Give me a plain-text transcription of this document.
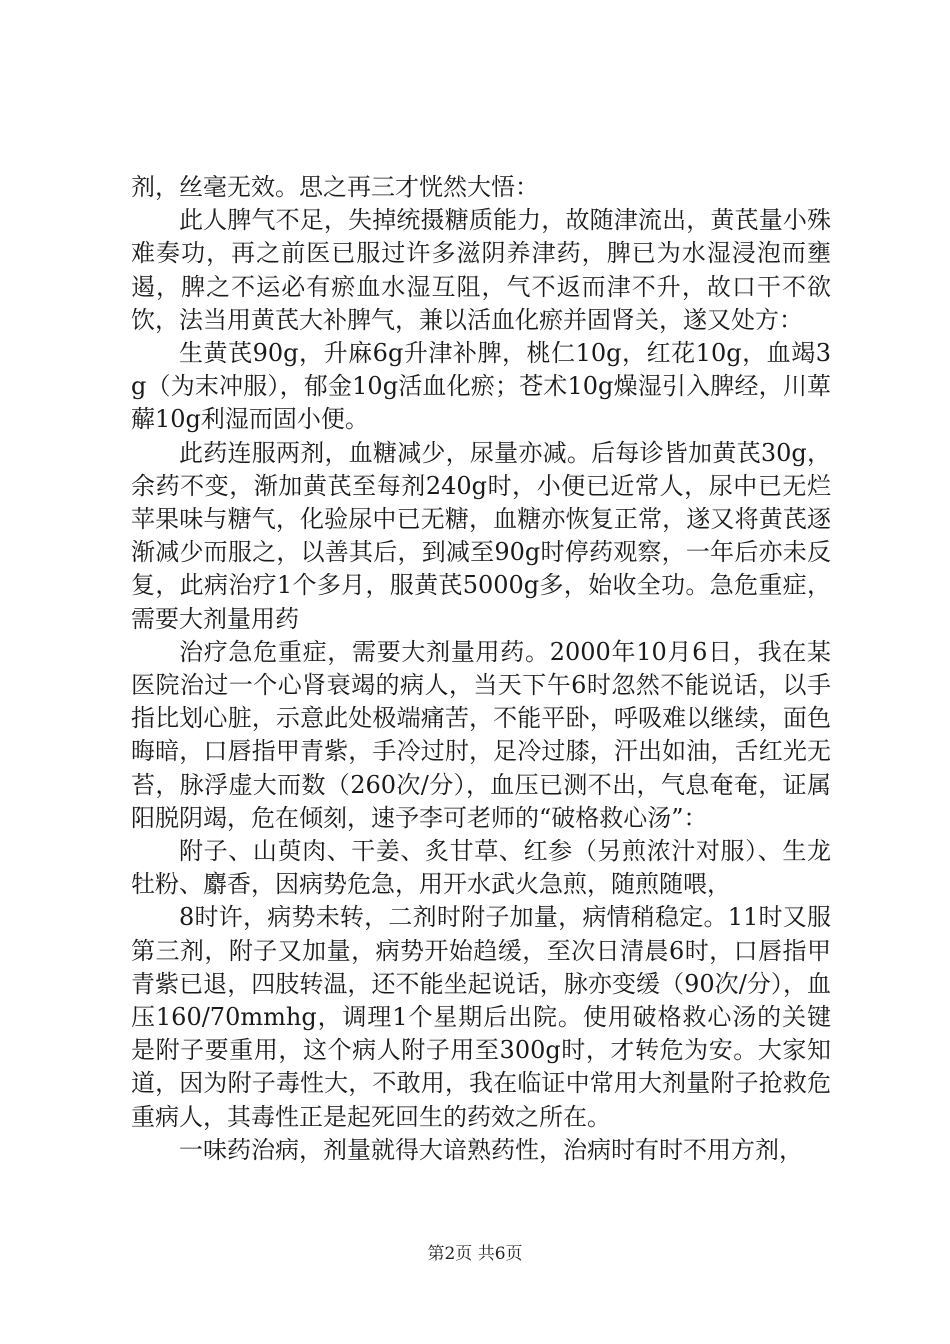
剂，丝毫无效。思之再三才恍然大悟：

此人脾气不足，失掉统摄糖质能力，故随津流出，黄芪量小殊难奏功，再之前医已服过许多滋阴养津药，脾已为水湿浸泡而壅遏，脾之不运必有瘀血水湿互阻，气不返而津不升，故口干不欲饮，法当用黄芪大补脾气，兼以活血化瘀并固肾关，遂又处方：

生黄芪90g，升麻6g升津补脾，桃仁10g，红花10g，血竭3g（为末冲服），郁金10g活血化瘀；苍术10g燥湿引入脾经，川萆薢10g利湿而固小便。

此药连服两剂，血糖减少，尿量亦减。后每诊皆加黄芪30g，余药不变，渐加黄芪至每剂240g时，小便已近常人，尿中已无烂苹果味与糖气，化验尿中已无糖，血糖亦恢复正常，遂又将黄芪逐渐减少而服之，以善其后，到减至90g时停药观察，一年后亦未反复，此病治疗1个多月，服黄芪5000g多，始收全功。急危重症，需要大剂量用药

治疗急危重症，需要大剂量用药。2000年10月6日，我在某医院治过一个心肾衰竭的病人，当天下午6时忽然不能说话，以手指比划心脏，示意此处极端痛苦，不能平卧，呼吸难以继续，面色晦暗，口唇指甲青紫，手冷过肘，足冷过膝，汗出如油，舌红光无苔，脉浮虚大而数（260次/分），血压已测不出，气息奄奄，证属阳脱阴竭，危在倾刻，速予李可老师的“破格救心汤”：

附子、山萸肉、干姜、炙甘草、红参（另煎浓汁对服）、生龙牡粉、麝香，因病势危急，用开水武火急煎，随煎随喂，

8时许，病势未转，二剂时附子加量，病情稍稳定。11时又服第三剂，附子又加量，病势开始趋缓，至次日清晨6时，口唇指甲青紫已退，四肢转温，还不能坐起说话，脉亦变缓（90次/分），血压160/70mmhg，调理1个星期后出院。使用破格救心汤的关键是附子要重用，这个病人附子用至300g时，才转危为安。大家知道，因为附子毒性大，不敢用，我在临证中常用大剂量附子抢救危重病人，其毒性正是起死回生的药效之所在。

一味药治病，剂量就得大谙熟药性，治病时有时不用方剂，

第2页 共6页
